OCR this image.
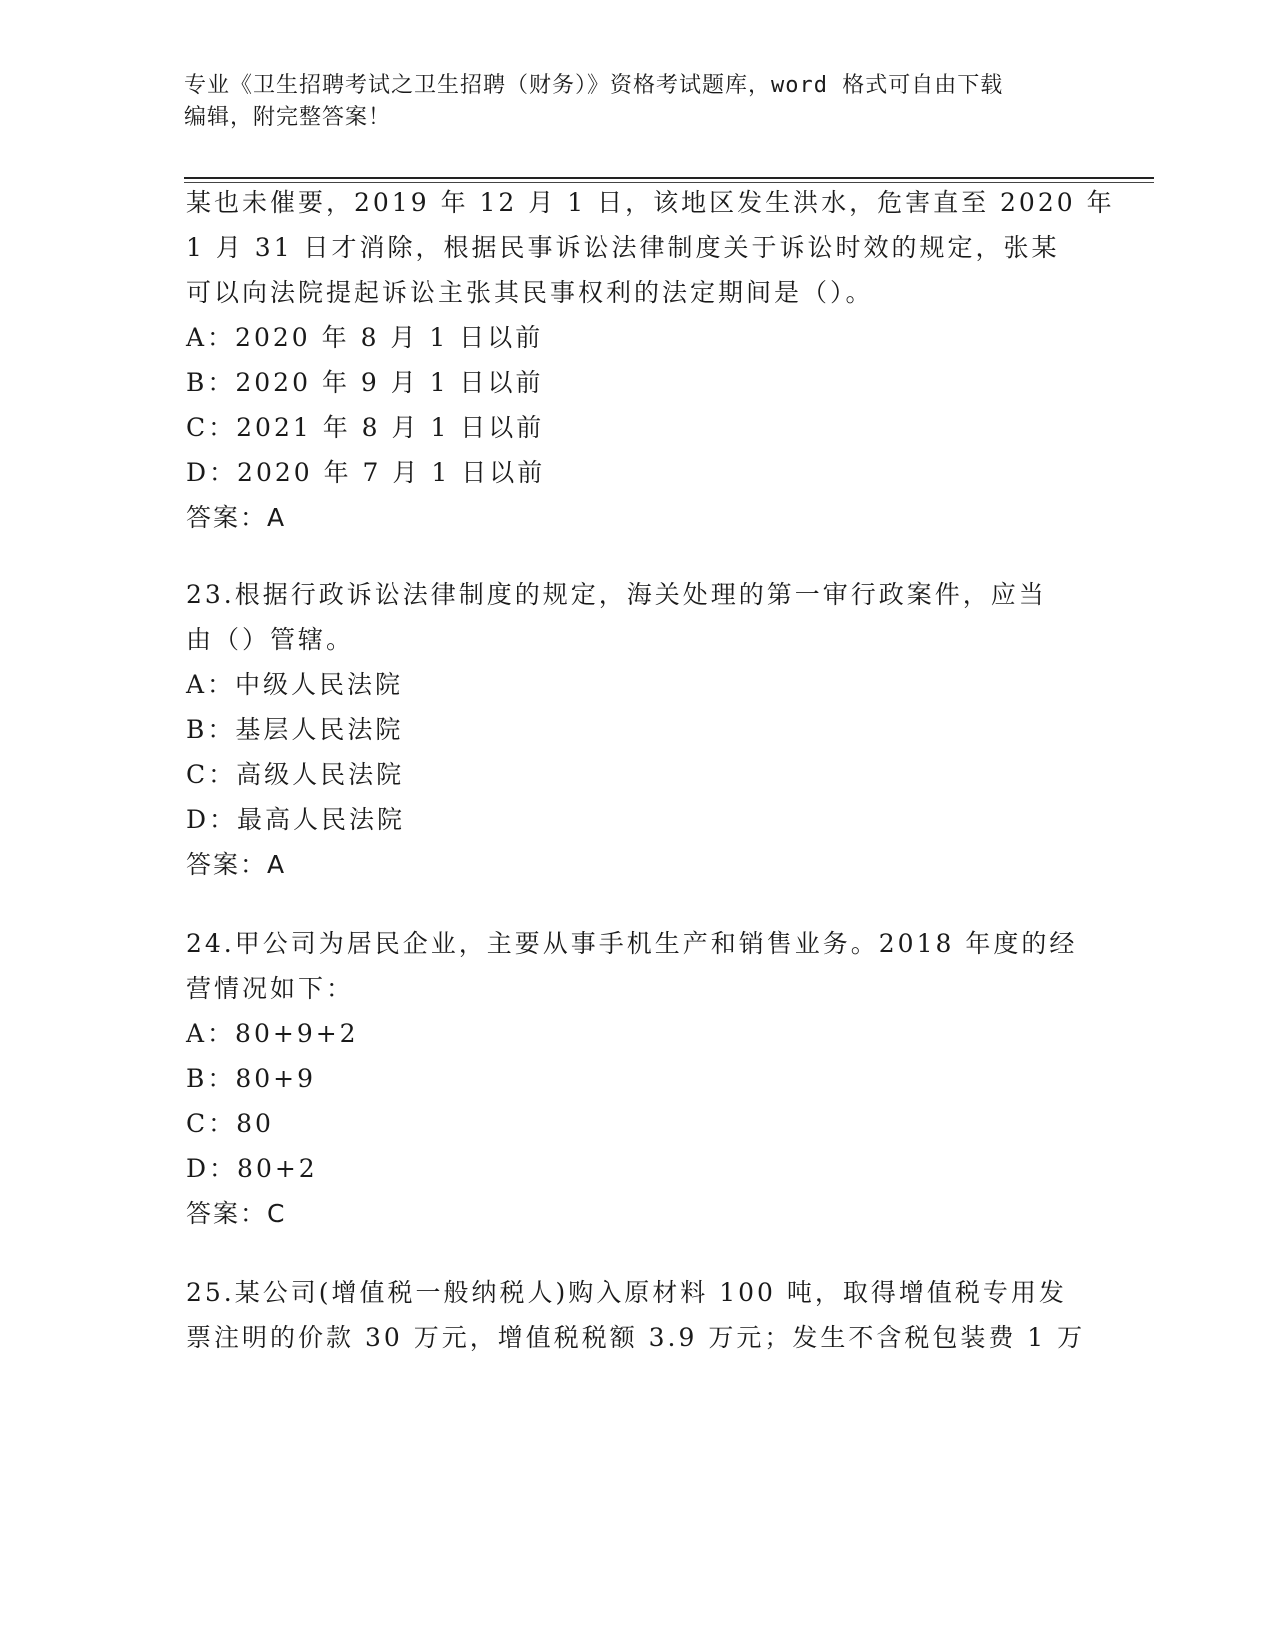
专业《卫生招聘考试之卫生招聘（财务）》资格考试题库，word 格式可自由下载
编辑，附完整答案！
某也未催要，2019 年 12 月 1 日，该地区发生洪水，危害直至 2020 年
1 月 31 日才消除，根据民事诉讼法律制度关于诉讼时效的规定，张某
可以向法院提起诉讼主张其民事权利的法定期间是（）。
A：2020 年 8 月 1 日以前
B：2020 年 9 月 1 日以前
C：2021 年 8 月 1 日以前
D：2020 年 7 月 1 日以前
答案：A
23.根据行政诉讼法律制度的规定，海关处理的第一审行政案件，应当
由（）管辖。
A：中级人民法院
B：基层人民法院
C：高级人民法院
D：最高人民法院
答案：A
24.甲公司为居民企业，主要从事手机生产和销售业务。2018 年度的经
营情况如下：
A：80+9+2
B：80+9
C：80
D：80+2
答案：C
25.某公司(增值税一般纳税人)购入原材料 100 吨，取得增值税专用发
票注明的价款 30 万元，增值税税额 3.9 万元；发生不含税包装费 1 万
